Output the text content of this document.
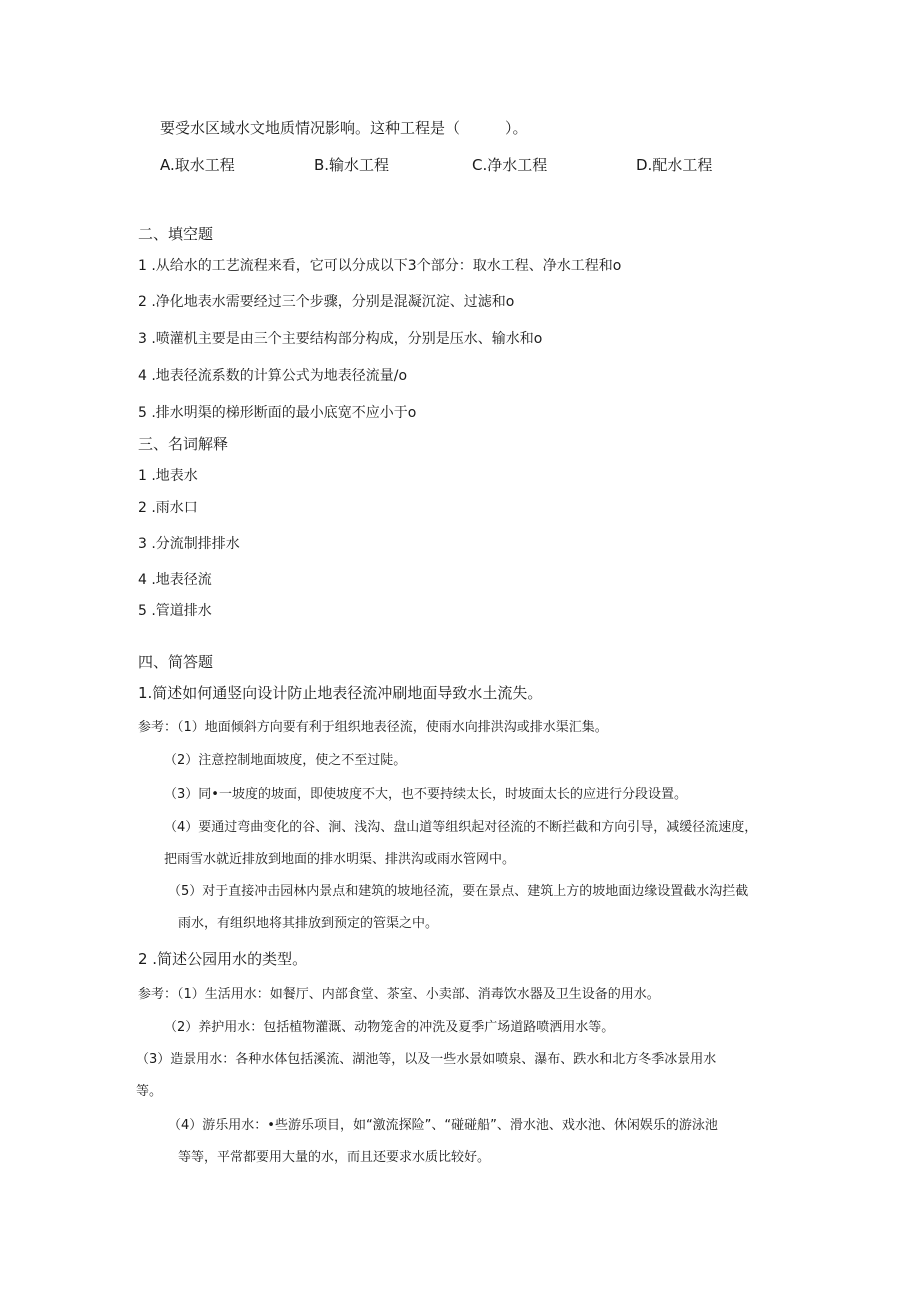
要受水区域水文地质情况影响。这种工程是（　　　）。
A.取水工程	B.输水工程	C.净水工程	D.配水工程
二、填空题
1 .从给水的工艺流程来看，它可以分成以下3个部分：取水工程、净水工程和o
2 .净化地表水需要经过三个步骤，分别是混凝沉淀、过滤和o
3 .喷灌机主要是由三个主要结构部分构成，分别是压水、输水和o
4 .地表径流系数的计算公式为地表径流量/o
5 .排水明渠的梯形断面的最小底宽不应小于o
三、名词解释
1 .地表水
2 .雨水口
3 .分流制排排水
4 .地表径流
5 .管道排水
四、简答题
1.简述如何通竖向设计防止地表径流冲刷地面导致水土流失。
参考：（1）地面倾斜方向要有利于组织地表径流，使雨水向排洪沟或排水渠汇集。
（2）注意控制地面坡度，使之不至过陡。
（3）同•一坡度的坡面，即使坡度不大，也不要持续太长，时坡面太长的应进行分段设置。
（4）要通过弯曲变化的谷、涧、浅沟、盘山道等组织起对径流的不断拦截和方向引导，减缓径流速度，
把雨雪水就近排放到地面的排水明渠、排洪沟或雨水管网中。
（5）对于直接冲击园林内景点和建筑的坡地径流，要在景点、建筑上方的坡地面边缘设置截水沟拦截
雨水，有组织地将其排放到预定的管渠之中。
2 .简述公园用水的类型。
参考：（1）生活用水：如餐厅、内部食堂、茶室、小卖部、消毒饮水器及卫生设备的用水。
（2）养护用水：包括植物灌溉、动物笼舍的冲洗及夏季广场道路喷洒用水等。
（3）造景用水：各种水体包括溪流、湖池等，以及一些水景如喷泉、瀑布、跌水和北方冬季冰景用水
等。
（4）游乐用水：•些游乐项目，如“激流探险”、“碰碰船”、滑水池、戏水池、休闲娱乐的游泳池
等等，平常都要用大量的水，而且还要求水质比较好。
